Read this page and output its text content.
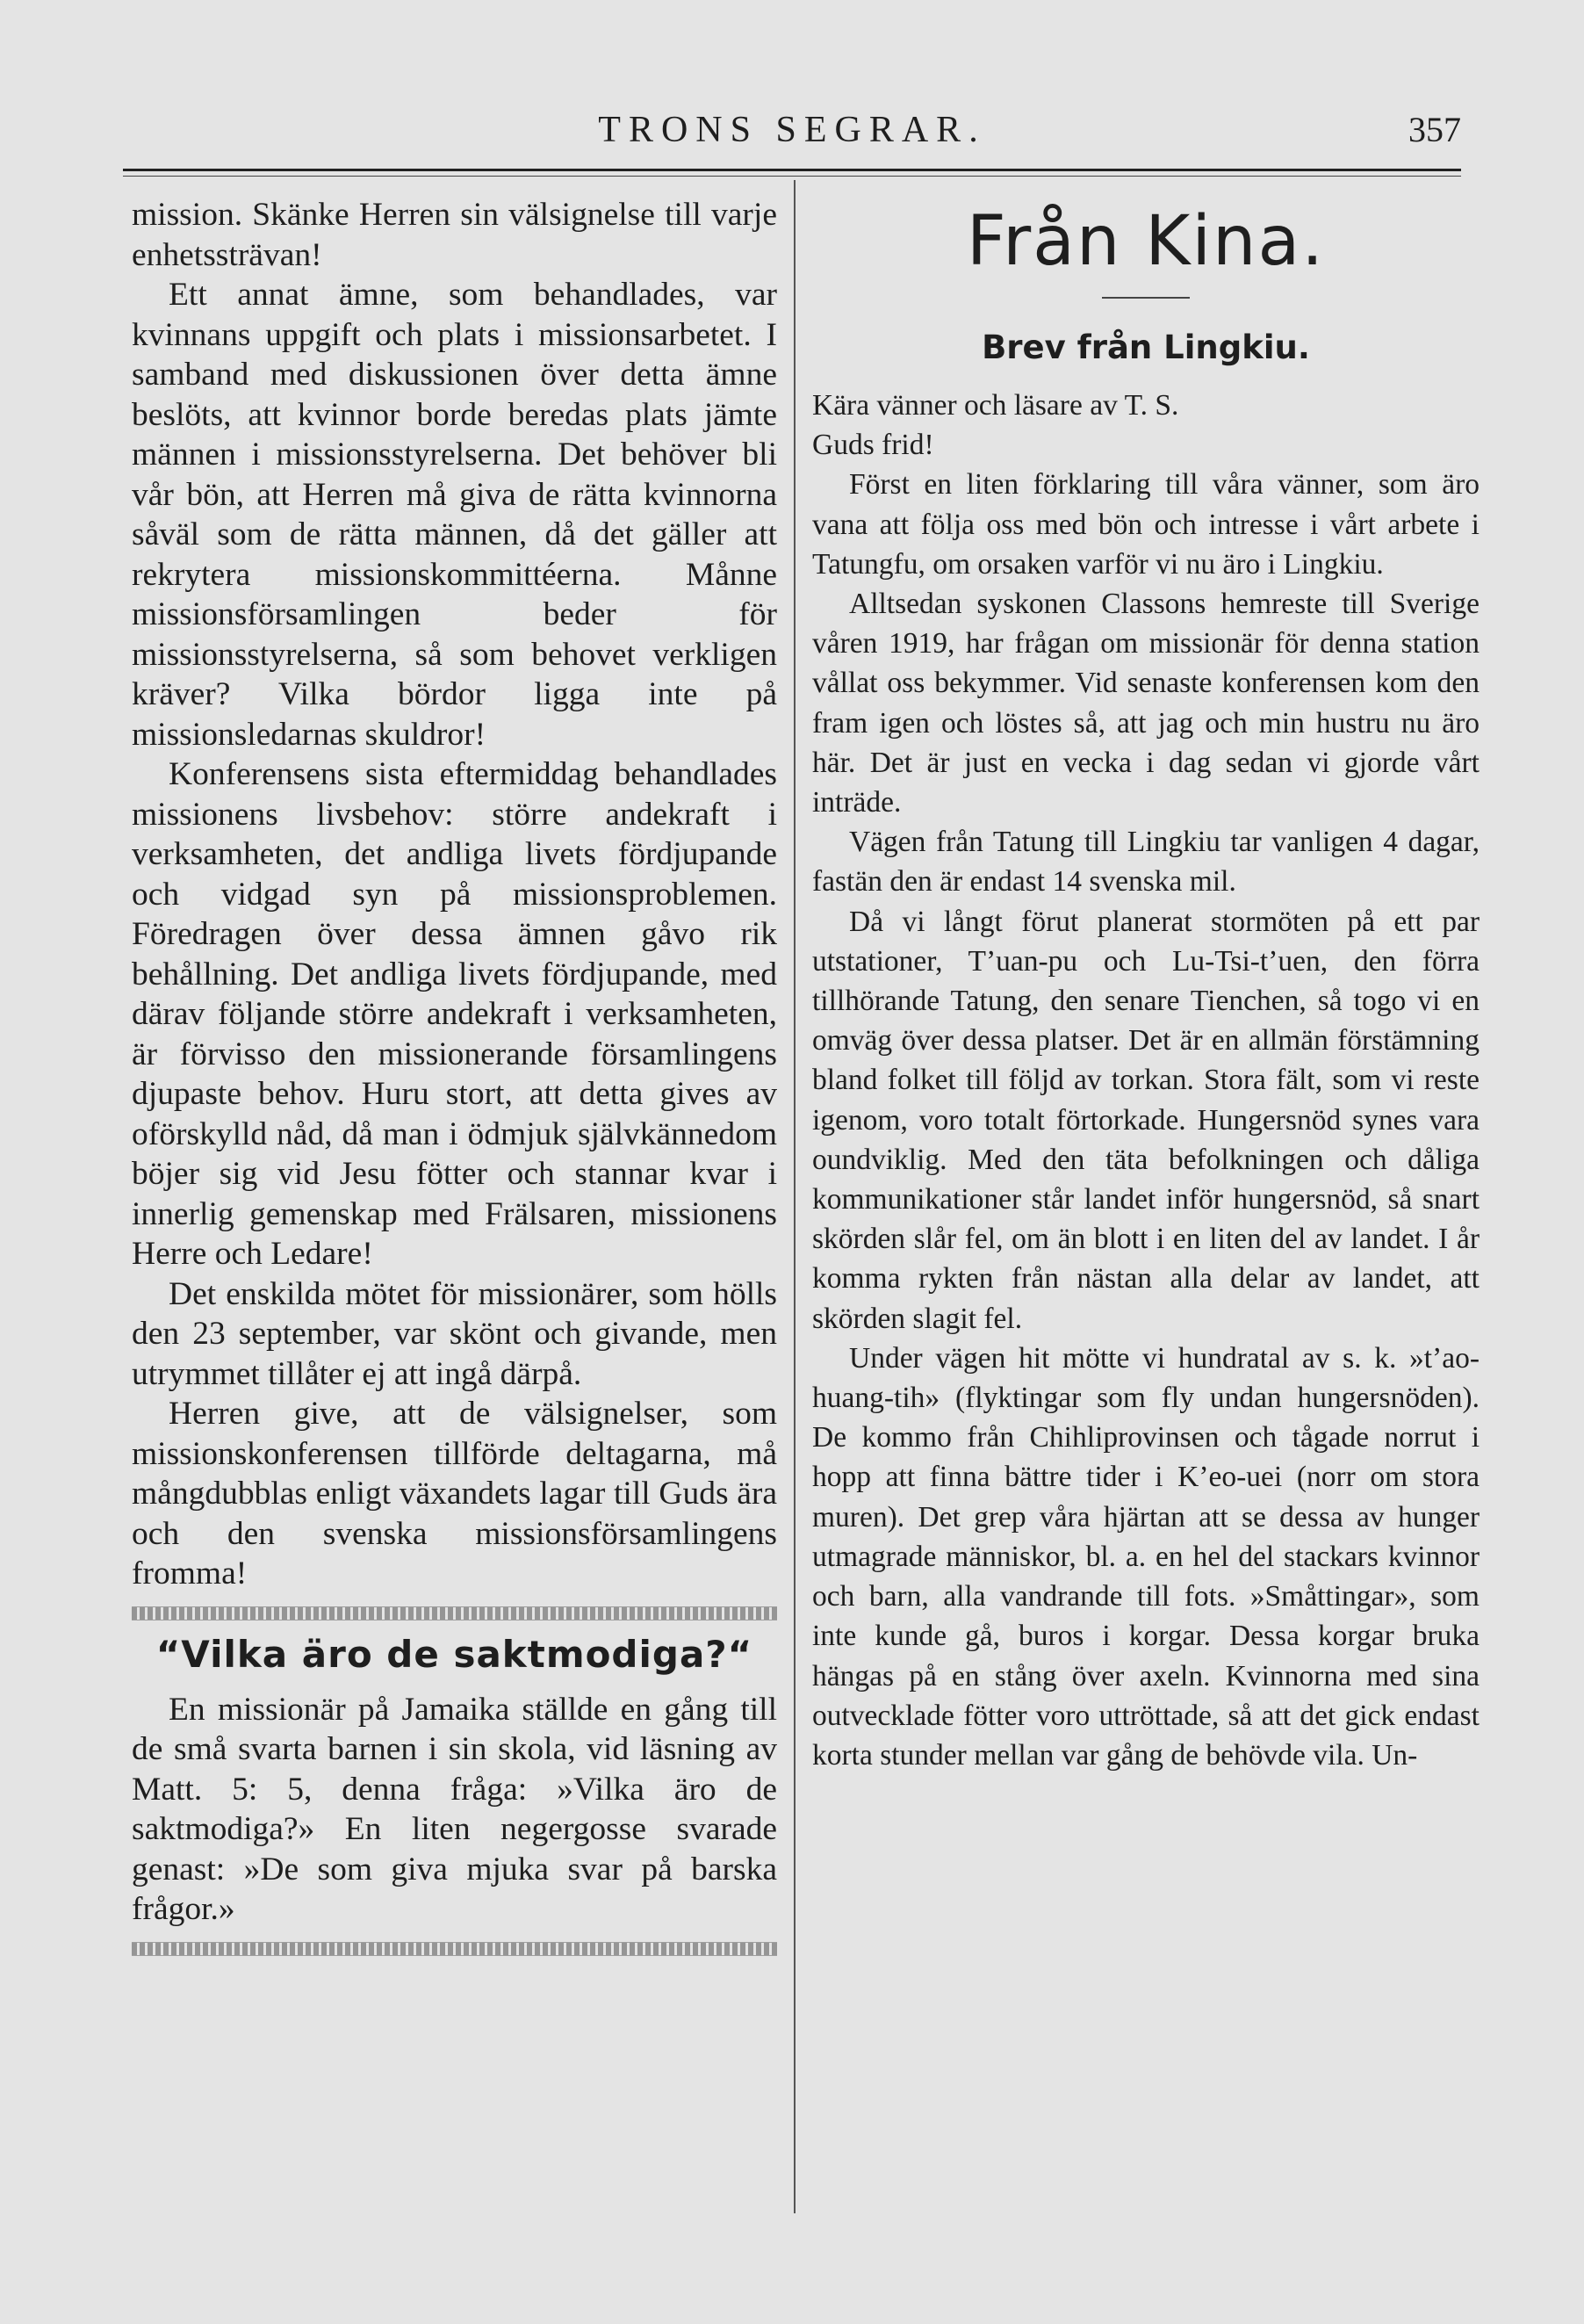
TRONS SEGRAR.	357

mission. Skänke Herren sin välsignelse till varje enhetssträvan!

Ett annat ämne, som behandlades, var kvinnans uppgift och plats i missionsarbetet. I samband med diskussionen över detta ämne beslöts, att kvinnor borde beredas plats jämte männen i missionsstyrelserna. Det behöver bli vår bön, att Herren må giva de rätta kvinnorna såväl som de rätta männen, då det gäller att rekrytera missionskommittéerna. Månne missionsförsamlingen beder för missionsstyrelserna, så som behovet verkligen kräver? Vilka bördor ligga inte på missionsledarnas skuldror!

Konferensens sista eftermiddag behandlades missionens livsbehov: större andekraft i verksamheten, det andliga livets fördjupande och vidgad syn på missionsproblemen. Föredragen över dessa ämnen gåvo rik behållning. Det andliga livets fördjupande, med därav följande större andekraft i verksamheten, är förvisso den missionerande församlingens djupaste behov. Huru stort, att detta gives av oförskylld nåd, då man i ödmjuk självkännedom böjer sig vid Jesu fötter och stannar kvar i innerlig gemenskap med Frälsaren, missionens Herre och Ledare!

Det enskilda mötet för missionärer, som hölls den 23 september, var skönt och givande, men utrymmet tillåter ej att ingå därpå.

Herren give, att de välsignelser, som missionskonferensen tillförde deltagarna, må mångdubblas enligt växandets lagar till Guds ära och den svenska missionsförsamlingens fromma!

“Vilka äro de saktmodiga?“

En missionär på Jamaika ställde en gång till de små svarta barnen i sin skola, vid läsning av Matt. 5: 5, denna fråga: »Vilka äro de saktmodiga?» En liten negergosse svarade genast: »De som giva mjuka svar på barska frågor.»

Från Kina.
Brev från Lingkiu.

Kära vänner och läsare av T. S.

Guds frid!

Först en liten förklaring till våra vänner, som äro vana att följa oss med bön och intresse i vårt arbete i Tatungfu, om orsaken varför vi nu äro i Lingkiu.

Alltsedan syskonen Classons hemreste till Sverige våren 1919, har frågan om missionär för denna station vållat oss bekymmer. Vid senaste konferensen kom den fram igen och löstes så, att jag och min hustru nu äro här. Det är just en vecka i dag sedan vi gjorde vårt inträde.

Vägen från Tatung till Lingkiu tar vanligen 4 dagar, fastän den är endast 14 svenska mil.

Då vi långt förut planerat stormöten på ett par utstationer, T’uan-pu och Lu-Tsi-t’uen, den förra tillhörande Tatung, den senare Tienchen, så togo vi en omväg över dessa platser. Det är en allmän förstämning bland folket till följd av torkan. Stora fält, som vi reste igenom, voro totalt förtorkade. Hungersnöd synes vara oundviklig. Med den täta befolkningen och dåliga kommunikationer står landet inför hungersnöd, så snart skörden slår fel, om än blott i en liten del av landet. I år komma rykten från nästan alla delar av landet, att skörden slagit fel.

Under vägen hit mötte vi hundratal av s. k. »t’ao-huang-tih» (flyktingar som fly undan hungersnöden). De kommo från Chihliprovinsen och tågade norrut i hopp att finna bättre tider i K’eo-uei (norr om stora muren). Det grep våra hjärtan att se dessa av hunger utmagrade människor, bl. a. en hel del stackars kvinnor och barn, alla vandrande till fots. »Småttingar», som inte kunde gå, buros i korgar. Dessa korgar bruka hängas på en stång över axeln. Kvinnorna med sina outvecklade fötter voro uttröttade, så att det gick endast korta stunder mellan var gång de behövde vila. Un-
